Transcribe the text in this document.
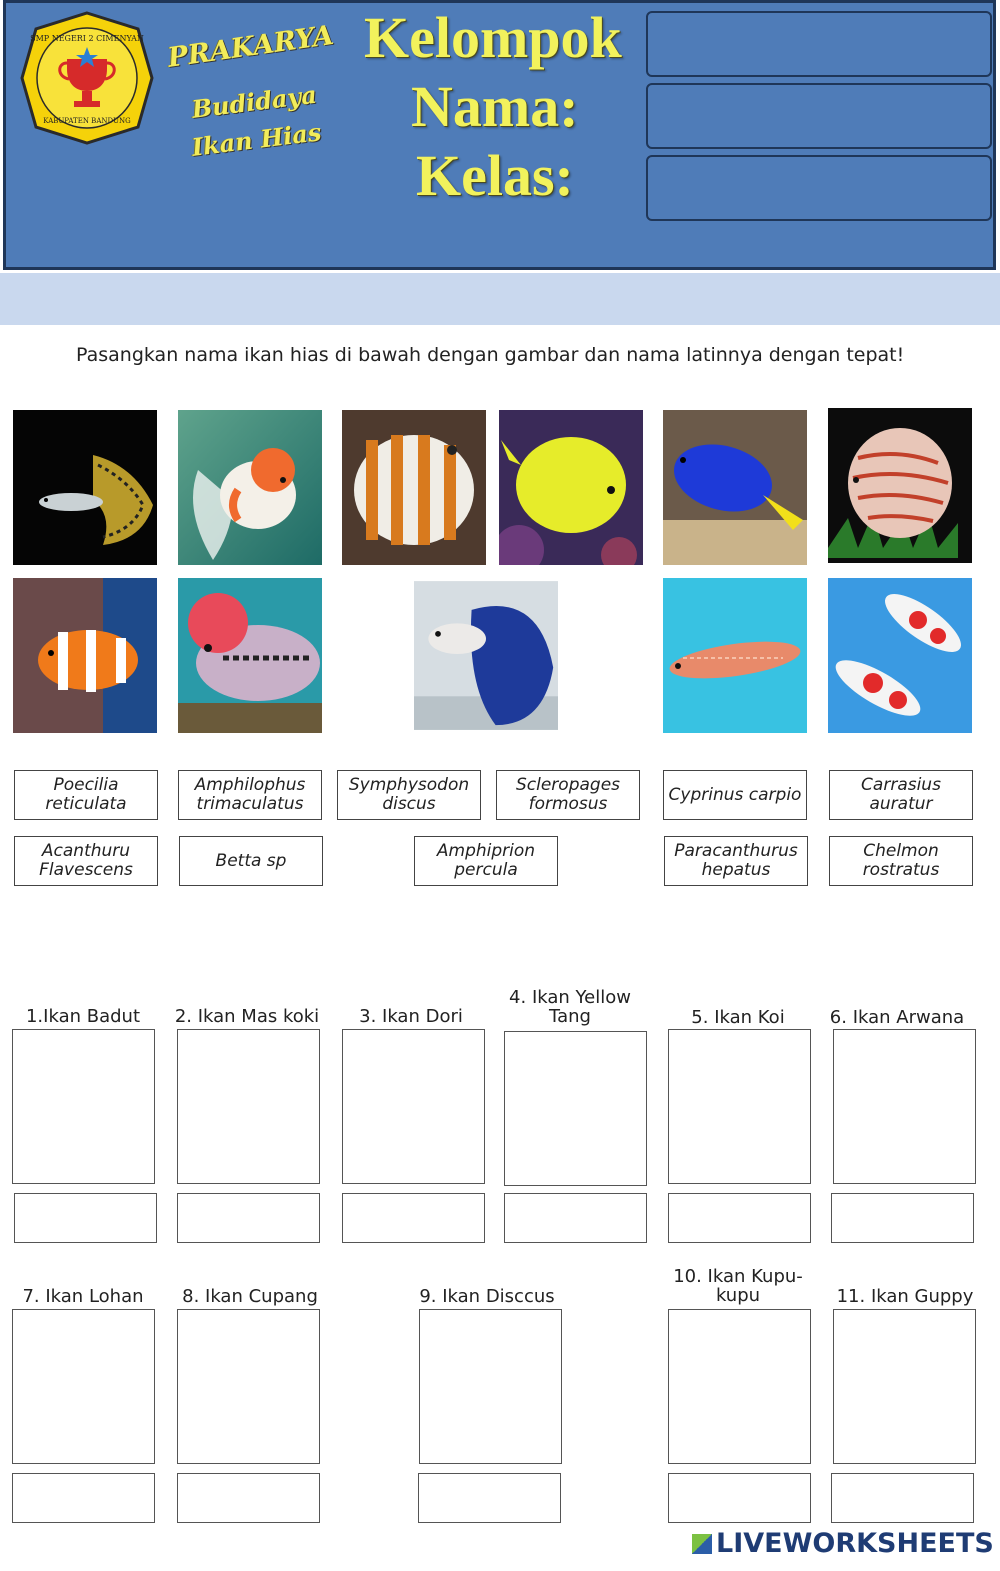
SMP NEGERI 2 CIMENYAN
KABUPATEN BANDUNG
PRAKARYA
Budidaya
Ikan Hias
Kelompok
Nama:
Kelas:
Pasangkan nama ikan hias di bawah dengan gambar dan nama latinnya dengan tepat!
Poecilia
reticulata
Amphilophus
trimaculatus
Symphysodon
discus
Scleropages
formosus	Cyprinus carpio	Carrasius
auratur
Acanthuru
Flavescens	Betta sp	Amphiprion
percula
Paracanthurus
hepatus
Chelmon
rostratus
1.Ikan Badut	2. Ikan Mas koki	3. Ikan Dori
4. Ikan Yellow
Tang	5. Ikan Koi	6. Ikan Arwana
7. Ikan Lohan	8. Ikan Cupang	9. Ikan Disccus
10. Ikan Kupu-
kupu	11. Ikan Guppy
LIVEWORKSHEETS
